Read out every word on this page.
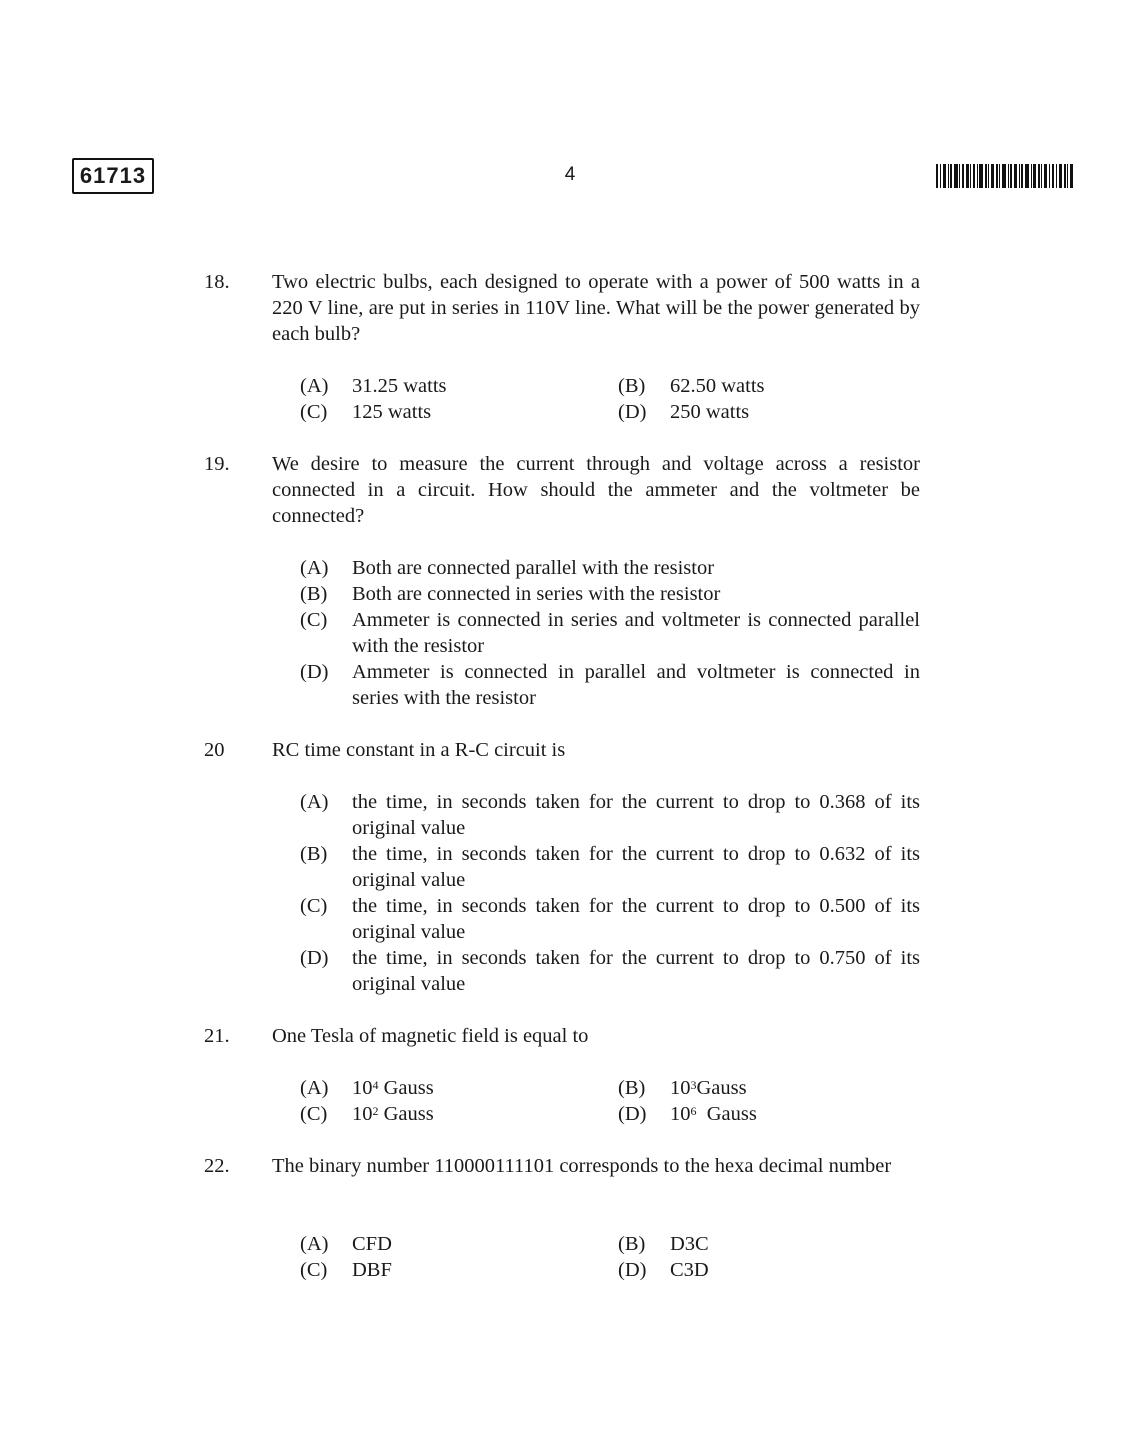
61713	4
18. Two electric bulbs, each designed to operate with a power of 500 watts in a 220 V line, are put in series in 110V line. What will be the power generated by each bulb?
(A) 31.25 watts	(B) 62.50 watts
(C) 125 watts	(D) 250 watts
19. We desire to measure the current through and voltage across a resistor connected in a circuit. How should the ammeter and the voltmeter be connected?
(A) Both are connected parallel with the resistor
(B) Both are connected in series with the resistor
(C) Ammeter is connected in series and voltmeter is connected parallel with the resistor
(D) Ammeter is connected in parallel and voltmeter is connected in series with the resistor
20 RC time constant in a R-C circuit is
(A) the time, in seconds taken for the current to drop to 0.368 of its original value
(B) the time, in seconds taken for the current to drop to 0.632 of its original value
(C) the time, in seconds taken for the current to drop to 0.500 of its original value
(D) the time, in seconds taken for the current to drop to 0.750 of its original value
21. One Tesla of magnetic field is equal to
(A) $10^4$ Gauss	(B) $10^3Gauss$
(C) $10^2$ Gauss	(D) $10^6$ Gauss
22. The binary number 110000111101 corresponds to the hexa decimal number
(A) CFD	(B) D3C
(C) DBF	(D) C3D
